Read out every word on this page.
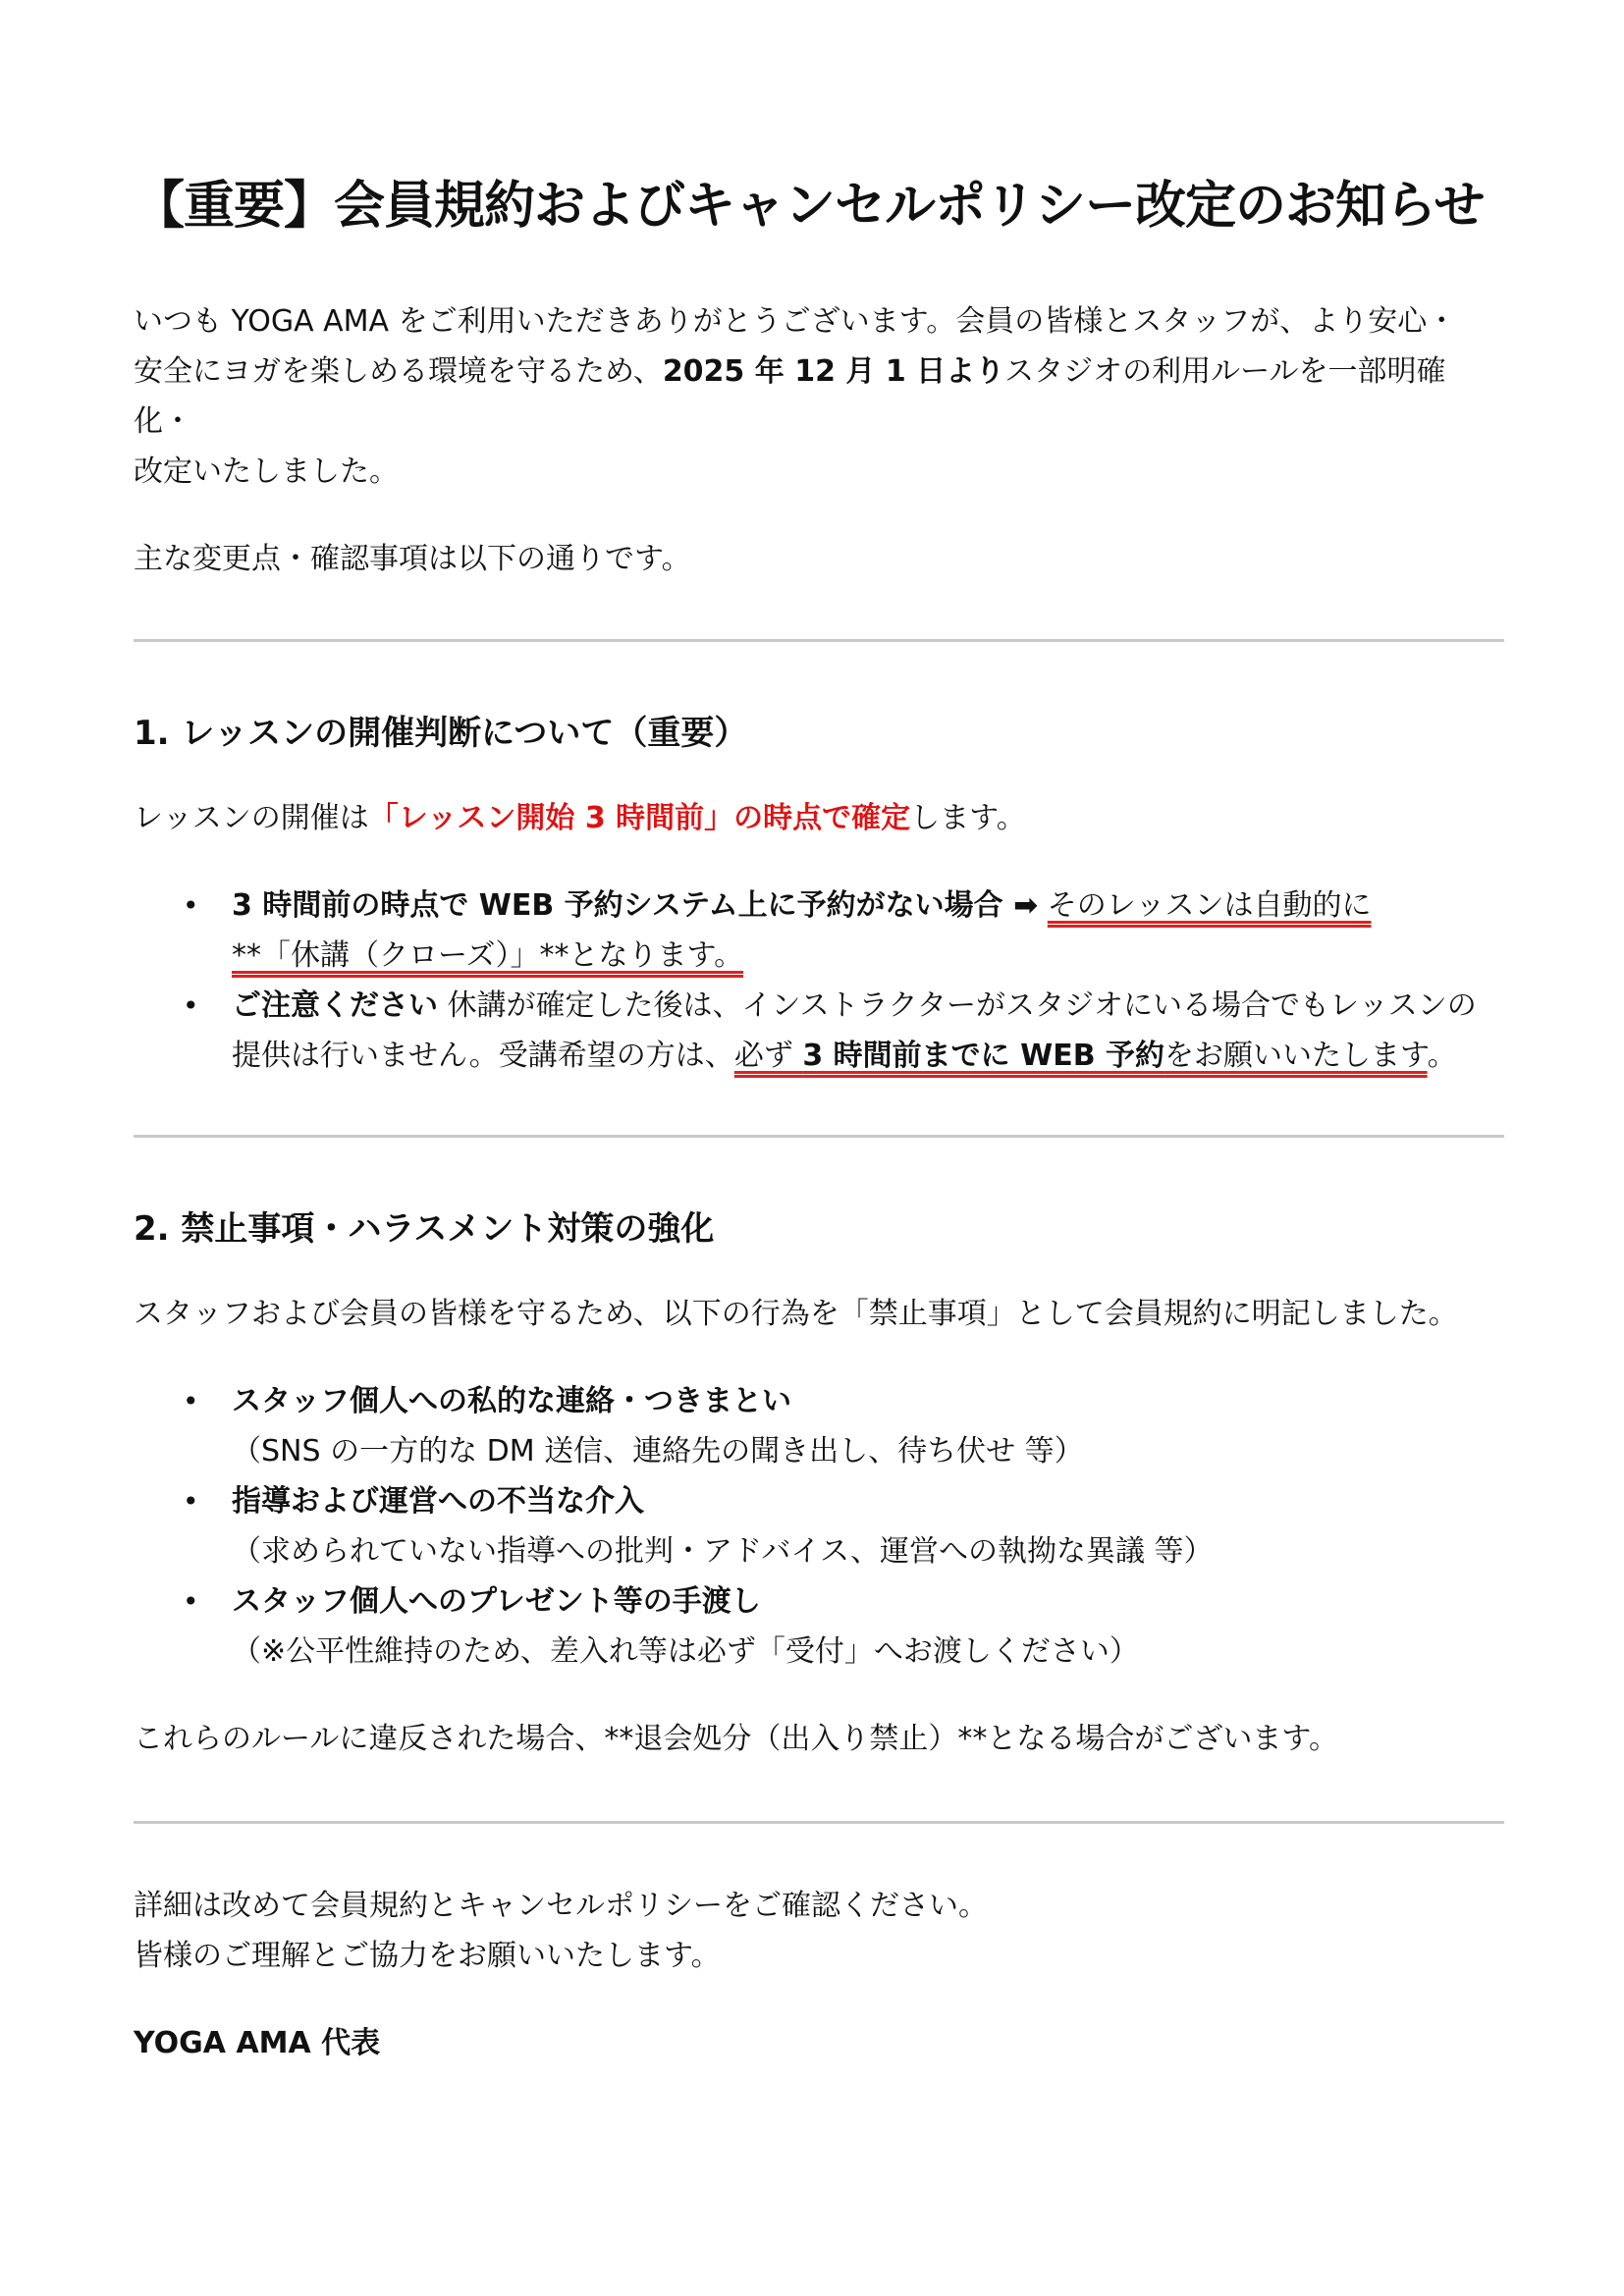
【重要】会員規約およびキャンセルポリシー改定のお知らせ

いつも YOGA AMA をご利用いただきありがとうございます。会員の皆様とスタッフが、より安心・
安全にヨガを楽しめる環境を守るため、2025 年 12 月 1 日よりスタジオの利用ルールを一部明確化・
改定いたしました。

主な変更点・確認事項は以下の通りです。

1. レッスンの開催判断について（重要）

レッスンの開催は「レッスン開始 3 時間前」の時点で確定します。

• 3 時間前の時点で WEB 予約システム上に予約がない場合 ➡ そのレッスンは自動的に
**「休講（クローズ）」**となります。
• ご注意ください 休講が確定した後は、インストラクターがスタジオにいる場合でもレッスンの
提供は行いません。受講希望の方は、必ず 3 時間前までに WEB 予約をお願いいたします。
2. 禁止事項・ハラスメント対策の強化

スタッフおよび会員の皆様を守るため、以下の行為を「禁止事項」として会員規約に明記しました。

• スタッフ個人への私的な連絡・つきまとい
（SNS の一方的な DM 送信、連絡先の聞き出し、待ち伏せ 等）
• 指導および運営への不当な介入
（求められていない指導への批判・アドバイス、運営への執拗な異議 等）
• スタッフ個人へのプレゼント等の手渡し
（※公平性維持のため、差入れ等は必ず「受付」へお渡しください）

これらのルールに違反された場合、**退会処分（出入り禁止）**となる場合がございます。

詳細は改めて会員規約とキャンセルポリシーをご確認ください。
皆様のご理解とご協力をお願いいたします。

YOGA AMA 代表
